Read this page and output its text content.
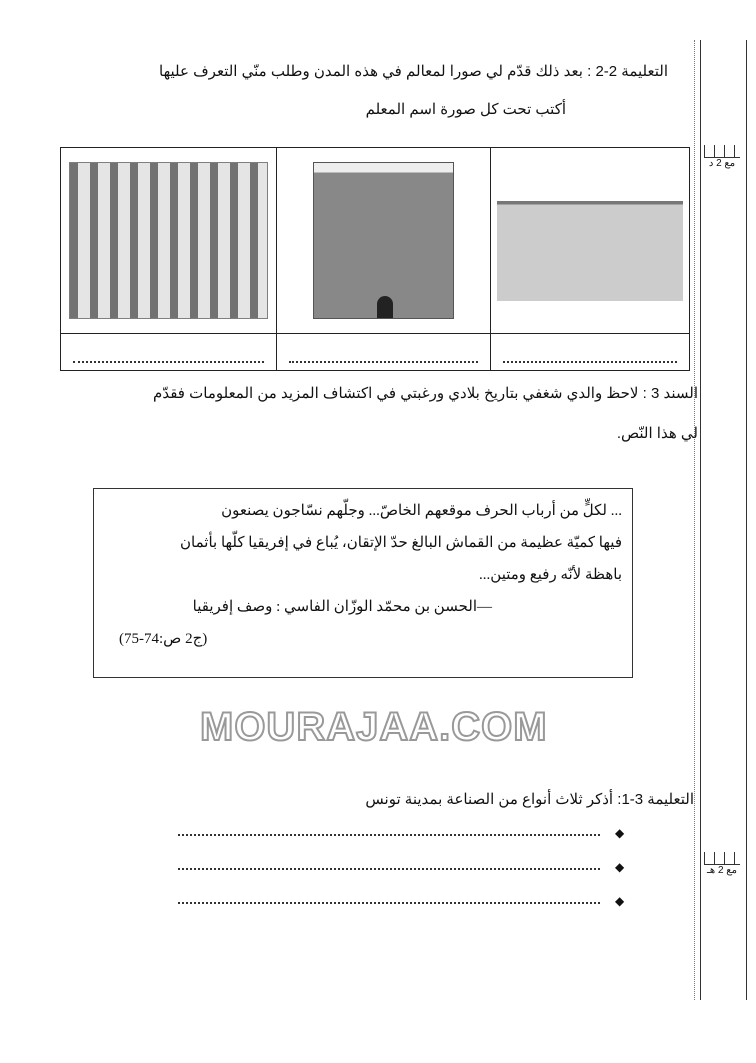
مع 2 د
مع 2 هـ
التعليمة 2-2 : بعد ذلك قدّم لي صورا لمعالم في هذه المدن وطلب منّي التعرف عليها
أكتب تحت كل صورة اسم المعلم

السند 3 : لاحظ والدي شغفي بتاريخ بلادي ورغبتي في اكتشاف المزيد من المعلومات فقدّم
لي هذا النّص.
... لكلٍّ من أرباب الحرف موقعهم الخاصّ... وجلّهم نسّاجون يصنعون
فيها كميّة عظيمة من القماش البالغ حدّ الإتقان، يُباع في إفريقيا كلّها بأثمان
باهظة لأنّه رفيع ومتين...
—الحسن بن محمّد الوزّان الفاسي : وصف إفريقيا
(ج2 ص:74-75)
MOURAJAA.COM
التعليمة 3-1: أذكر ثلاث أنواع من الصناعة بمدينة تونس
◆
◆
◆
